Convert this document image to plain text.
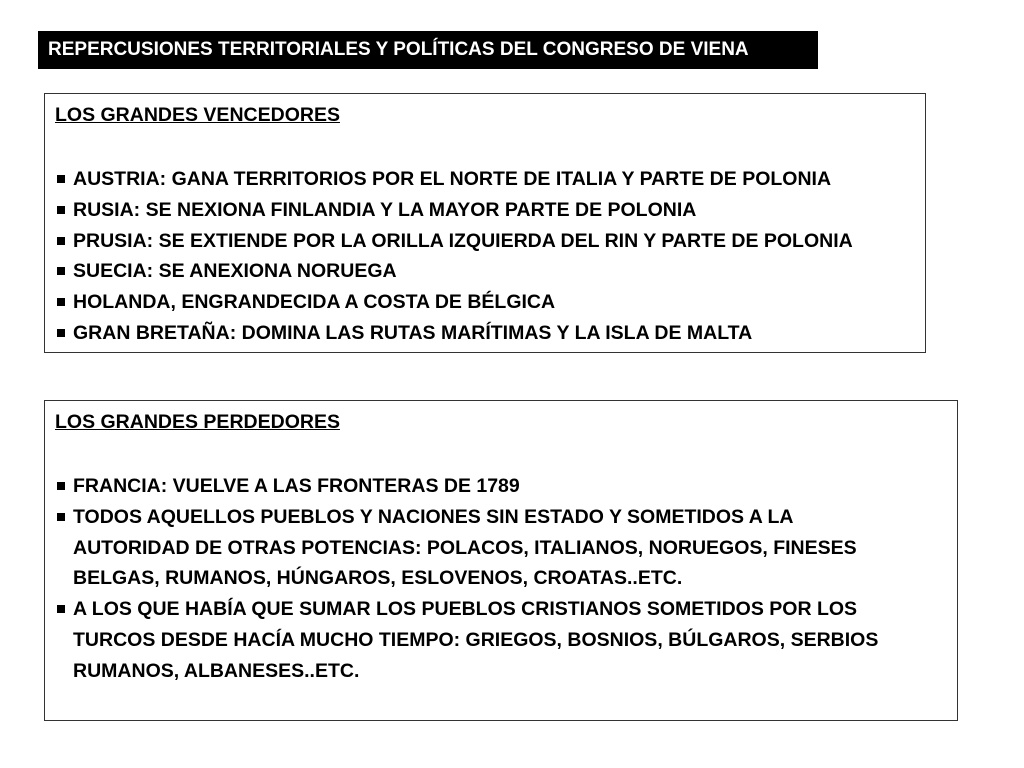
REPERCUSIONES TERRITORIALES Y POLÍTICAS DEL CONGRESO DE VIENA
LOS GRANDES VENCEDORES
AUSTRIA: GANA TERRITORIOS POR EL NORTE DE ITALIA Y PARTE DE POLONIA
RUSIA: SE NEXIONA FINLANDIA Y LA MAYOR PARTE DE POLONIA
PRUSIA: SE EXTIENDE POR LA ORILLA IZQUIERDA DEL RIN Y PARTE DE POLONIA
SUECIA: SE ANEXIONA NORUEGA
HOLANDA, ENGRANDECIDA A COSTA DE BÉLGICA
GRAN BRETAÑA: DOMINA LAS RUTAS MARÍTIMAS Y LA ISLA DE MALTA
LOS GRANDES PERDEDORES
FRANCIA: VUELVE A LAS FRONTERAS DE 1789
TODOS AQUELLOS PUEBLOS Y NACIONES SIN ESTADO Y SOMETIDOS A LA
AUTORIDAD DE OTRAS POTENCIAS: POLACOS, ITALIANOS, NORUEGOS, FINESES
BELGAS, RUMANOS, HÚNGAROS, ESLOVENOS, CROATAS..ETC.
A LOS QUE HABÍA QUE SUMAR LOS PUEBLOS CRISTIANOS SOMETIDOS POR LOS
TURCOS DESDE HACÍA MUCHO TIEMPO: GRIEGOS, BOSNIOS, BÚLGAROS, SERBIOS
RUMANOS, ALBANESES..ETC.
